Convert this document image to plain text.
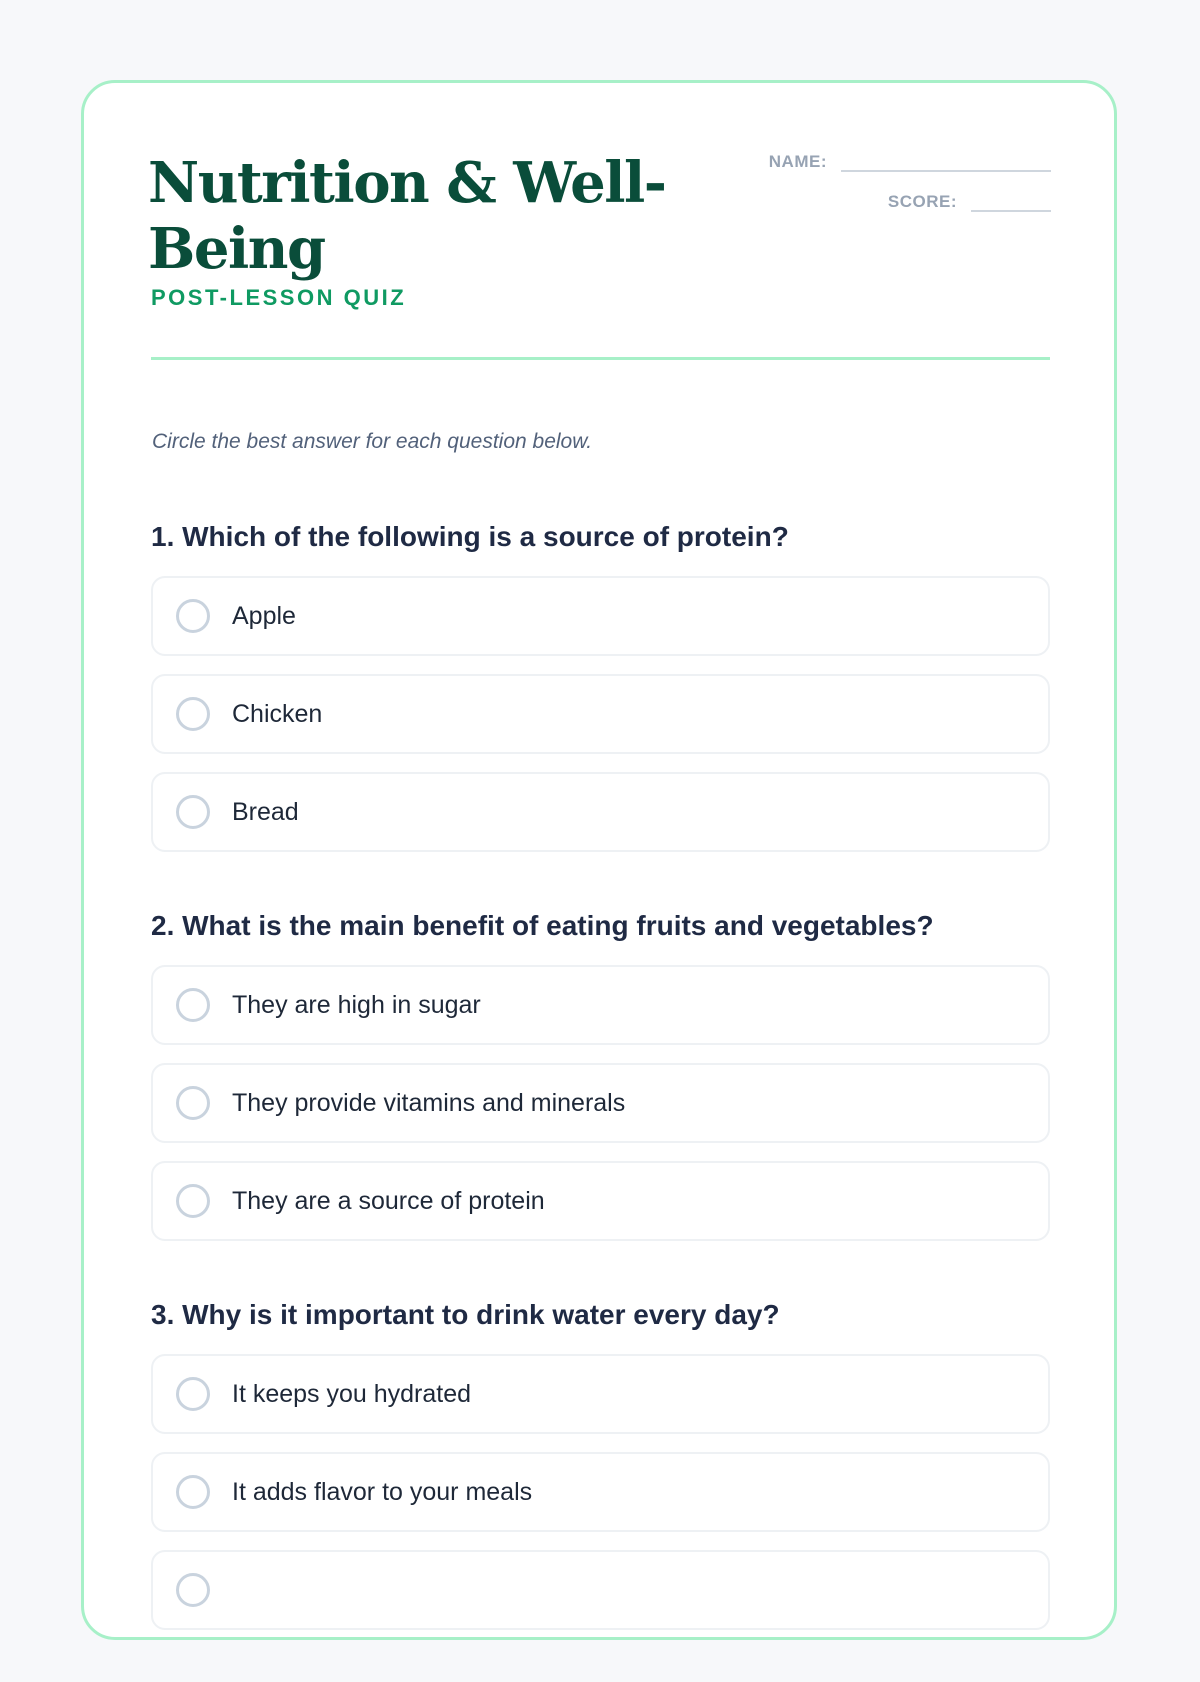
Nutrition & Well-Being
POST-LESSON QUIZ
NAME:
SCORE:
Circle the best answer for each question below.
1. Which of the following is a source of protein?
Apple
Chicken
Bread
2. What is the main benefit of eating fruits and vegetables?
They are high in sugar
They provide vitamins and minerals
They are a source of protein
3. Why is it important to drink water every day?
It keeps you hydrated
It adds flavor to your meals
